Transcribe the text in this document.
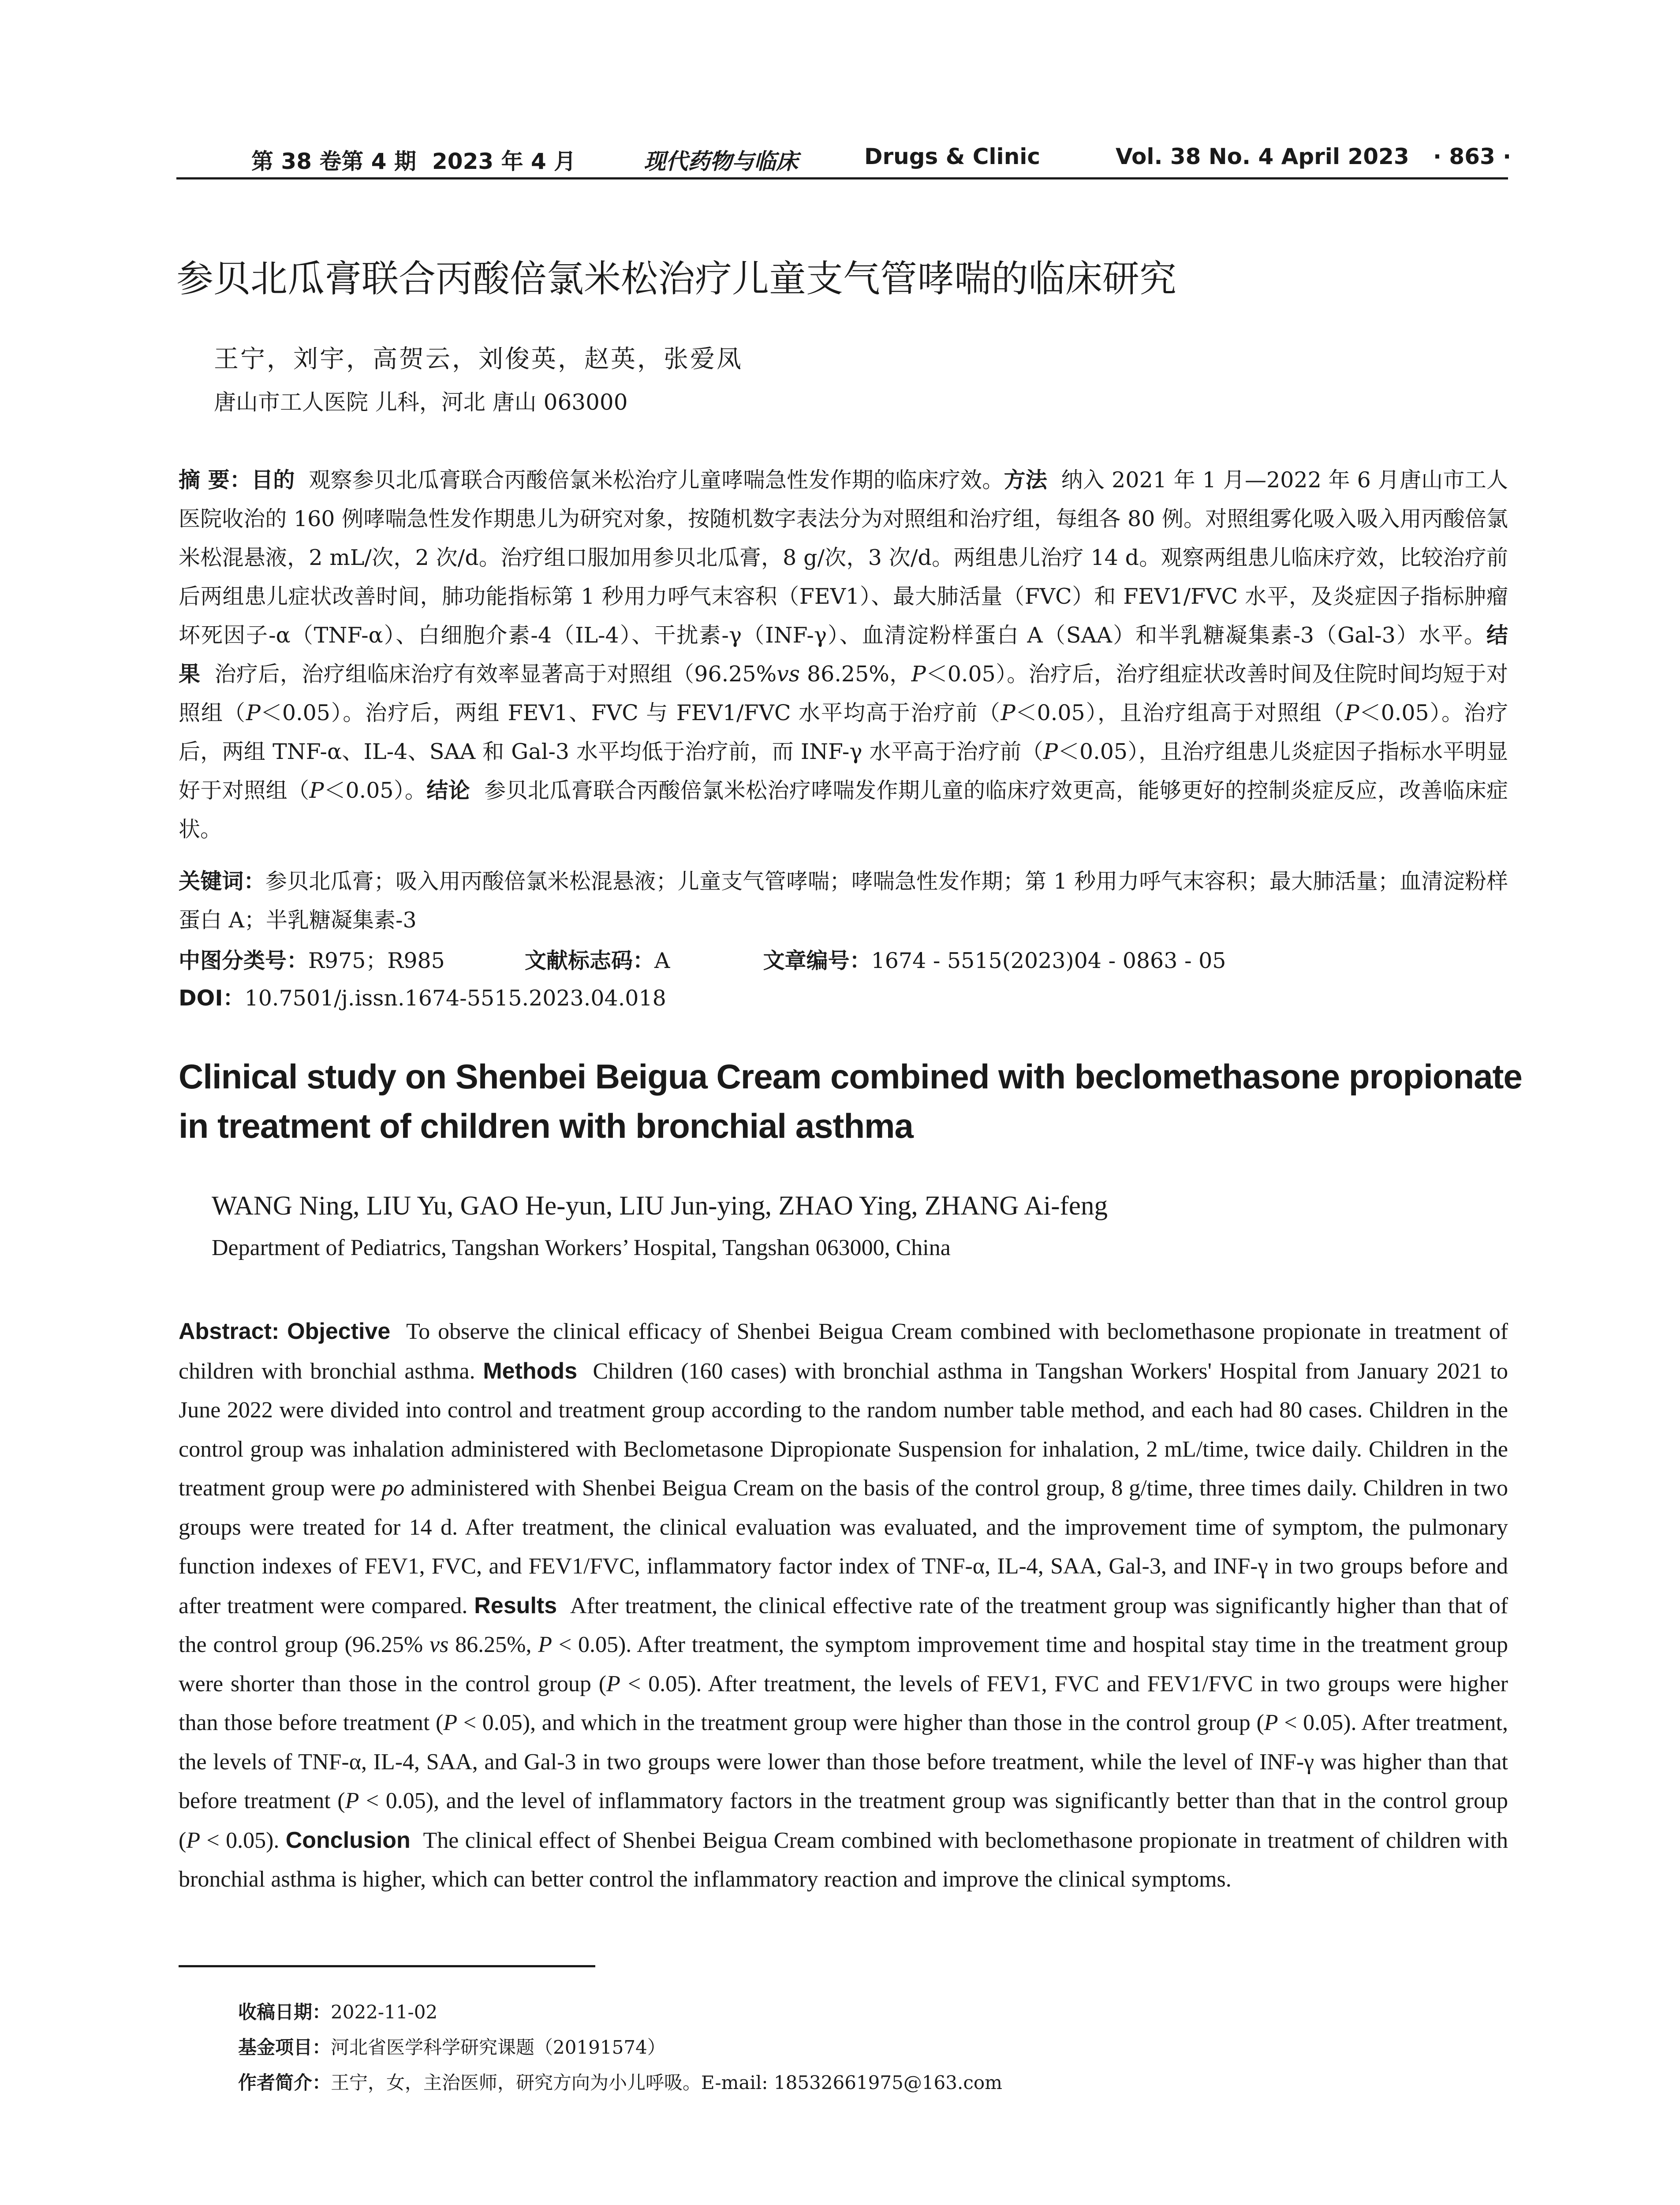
第 38 卷第 4 期 2023 年 4 月	现代药物与临床	Drugs & Clinic	Vol. 38 No. 4 April 2023 · 863 ·
参贝北瓜膏联合丙酸倍氯米松治疗儿童支气管哮喘的临床研究
王宁，刘宇，高贺云，刘俊英，赵英，张爱凤
唐山市工人医院 儿科，河北 唐山 063000
摘 要：目的 观察参贝北瓜膏联合丙酸倍氯米松治疗儿童哮喘急性发作期的临床疗效。方法 纳入 2021 年 1 月—2022 年 6 月唐山市工人医院收治的 160 例哮喘急性发作期患儿为研究对象，按随机数字表法分为对照组和治疗组，每组各 80 例。对照组雾化吸入吸入用丙酸倍氯米松混悬液，2 mL/次，2 次/d。治疗组口服加用参贝北瓜膏，8 g/次，3 次/d。两组患儿治疗 14 d。观察两组患儿临床疗效，比较治疗前后两组患儿症状改善时间，肺功能指标第 1 秒用力呼气末容积（FEV1）、最大肺活量（FVC）和 FEV1/FVC 水平，及炎症因子指标肿瘤坏死因子-α（TNF-α）、白细胞介素-4（IL-4）、干扰素-γ（INF-γ）、血清淀粉样蛋白 A（SAA）和半乳糖凝集素-3（Gal-3）水平。结果 治疗后，治疗组临床治疗有效率显著高于对照组（96.25%vs 86.25%，P＜0.05）。治疗后，治疗组症状改善时间及住院时间均短于对照组（P＜0.05）。治疗后，两组 FEV1、FVC 与 FEV1/FVC 水平均高于治疗前（P＜0.05），且治疗组高于对照组（P＜0.05）。治疗后，两组 TNF-α、IL-4、SAA 和 Gal-3 水平均低于治疗前，而 INF-γ 水平高于治疗前（P＜0.05），且治疗组患儿炎症因子指标水平明显好于对照组（P＜0.05）。结论 参贝北瓜膏联合丙酸倍氯米松治疗哮喘发作期儿童的临床疗效更高，能够更好的控制炎症反应，改善临床症状。
关键词：参贝北瓜膏；吸入用丙酸倍氯米松混悬液；儿童支气管哮喘；哮喘急性发作期；第 1 秒用力呼气末容积；最大肺活量；血清淀粉样蛋白 A；半乳糖凝集素-3
中图分类号：R975；R985	文献标志码：A	文章编号：1674 - 5515(2023)04 - 0863 - 05
DOI：10.7501/j.issn.1674-5515.2023.04.018
Clinical study on Shenbei Beigua Cream combined with beclomethasone propionate in treatment of children with bronchial asthma
WANG Ning, LIU Yu, GAO He-yun, LIU Jun-ying, ZHAO Ying, ZHANG Ai-feng
Department of Pediatrics, Tangshan Workers’ Hospital, Tangshan 063000, China
Abstract: Objective To observe the clinical efficacy of Shenbei Beigua Cream combined with beclomethasone propionate in treatment of children with bronchial asthma. Methods Children (160 cases) with bronchial asthma in Tangshan Workers' Hospital from January 2021 to June 2022 were divided into control and treatment group according to the random number table method, and each had 80 cases. Children in the control group was inhalation administered with Beclometasone Dipropionate Suspension for inhalation, 2 mL/time, twice daily. Children in the treatment group were po administered with Shenbei Beigua Cream on the basis of the control group, 8 g/time, three times daily. Children in two groups were treated for 14 d. After treatment, the clinical evaluation was evaluated, and the improvement time of symptom, the pulmonary function indexes of FEV1, FVC, and FEV1/FVC, inflammatory factor index of TNF-α, IL-4, SAA, Gal-3, and INF-γ in two groups before and after treatment were compared. Results After treatment, the clinical effective rate of the treatment group was significantly higher than that of the control group (96.25% vs 86.25%, P < 0.05). After treatment, the symptom improvement time and hospital stay time in the treatment group were shorter than those in the control group (P < 0.05). After treatment, the levels of FEV1, FVC and FEV1/FVC in two groups were higher than those before treatment (P < 0.05), and which in the treatment group were higher than those in the control group (P < 0.05). After treatment, the levels of TNF-α, IL-4, SAA, and Gal-3 in two groups were lower than those before treatment, while the level of INF-γ was higher than that before treatment (P < 0.05), and the level of inflammatory factors in the treatment group was significantly better than that in the control group (P < 0.05). Conclusion The clinical effect of Shenbei Beigua Cream combined with beclomethasone propionate in treatment of children with bronchial asthma is higher, which can better control the inflammatory reaction and improve the clinical symptoms.
收稿日期：2022-11-02
基金项目：河北省医学科学研究课题（20191574）
作者简介：王宁，女，主治医师，研究方向为小儿呼吸。E-mail: 18532661975@163.com
